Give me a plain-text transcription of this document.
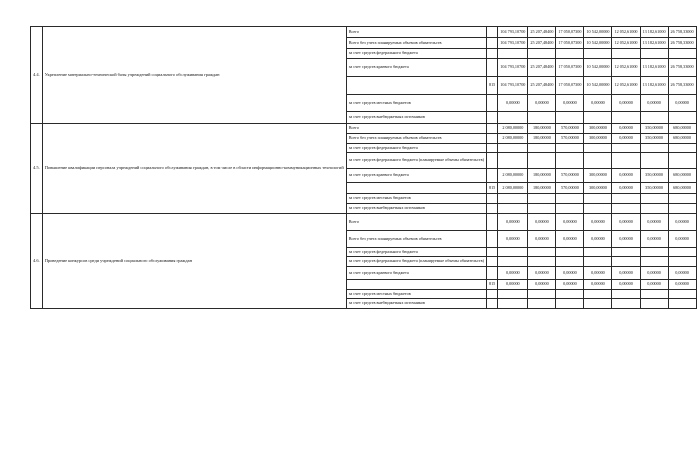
4.4.	Укрепление материально-технической базы учреждений социального обслуживания граждан	Всего		104 793,10700	25 207,48400	17 050,07300	10 542,00000	12 052,61000	13 182,61000	26 758,33000
		Всего без учета планируемых объемов обязательств		104 793,10700	25 207,48400	17 050,07300	10 542,00000	12 052,61000	13 182,61000	26 758,33000
		за счет средств федерального бюджета								
		за счет средств краевого бюджета		104 793,10700	25 207,48400	17 050,07300	10 542,00000	12 052,61000	13 182,61000	26 758,33000
			815	104 793,10700	25 207,48400	17 050,07300	10 542,00000	12 052,61000	13 182,61000	26 758,33000
		за счет средств местных бюджетов		0,00000	0,00000	0,00000	0,00000	0,00000	0,00000	0,00000
		за счет средств внебюджетных источников								
4.5.	Повышение квалификации персонала учреждений социального обслуживания граждан, в том числе в области информационно-коммуникационных технологий	Всего		2 080,00000	180,00000	570,00000	300,00000	0,00000	350,00000	680,00000
		Всего без учета планируемых объемов обязательств		2 080,00000	180,00000	570,00000	300,00000	0,00000	350,00000	680,00000
		за счет средств федерального бюджета								
		за счет средств федерального бюджета (планируемые объемы обязательств)								
		за счет средств краевого бюджета		2 080,00000	180,00000	570,00000	300,00000	0,00000	350,00000	680,00000
			815	2 080,00000	180,00000	570,00000	300,00000	0,00000	350,00000	680,00000
		за счет средств местных бюджетов								
		за счет средств внебюджетных источников								
4.6.	Проведение конкурсов среди учреждений социального обслуживания граждан	Всего		0,00000	0,00000	0,00000	0,00000	0,00000	0,00000	0,00000
		Всего без учета планируемых объемов обязательств		0,00000	0,00000	0,00000	0,00000	0,00000	0,00000	0,00000
		за счет средств федерального бюджета								
		за счет средств федерального бюджета (планируемые объемы обязательств)								
		за счет средств краевого бюджета		0,00000	0,00000	0,00000	0,00000	0,00000	0,00000	0,00000
			815	0,00000	0,00000	0,00000	0,00000	0,00000	0,00000	0,00000
		за счет средств местных бюджетов								
		за счет средств внебюджетных источников								
